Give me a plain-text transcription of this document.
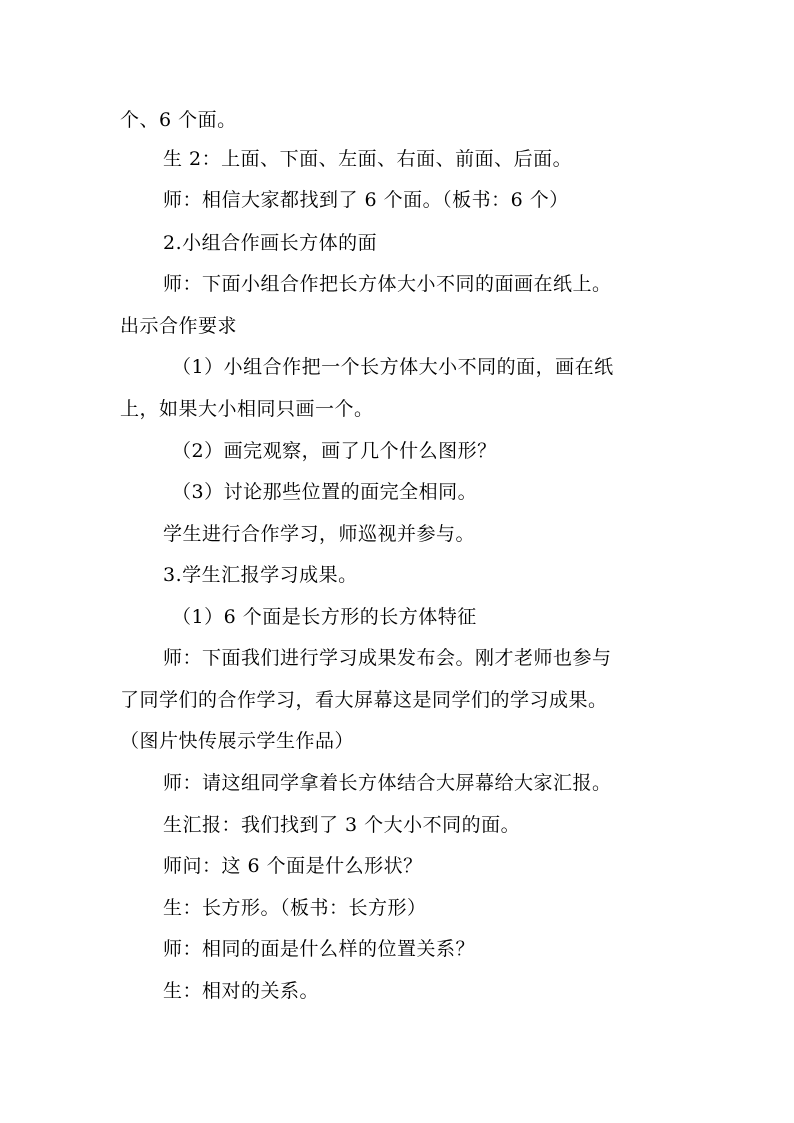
个、6 个面。
生 2：上面、下面、左面、右面、前面、后面。
师：相信大家都找到了 6 个面。（板书：6 个）
2.小组合作画长方体的面
师：下面小组合作把长方体大小不同的面画在纸上。
出示合作要求
（1）小组合作把一个长方体大小不同的面，画在纸
上，如果大小相同只画一个。
（2）画完观察，画了几个什么图形？
（3）讨论那些位置的面完全相同。
学生进行合作学习，师巡视并参与。
3.学生汇报学习成果。
（1）6 个面是长方形的长方体特征
师：下面我们进行学习成果发布会。刚才老师也参与
了同学们的合作学习，看大屏幕这是同学们的学习成果。
（图片快传展示学生作品）
师：请这组同学拿着长方体结合大屏幕给大家汇报。
生汇报：我们找到了 3 个大小不同的面。
师问：这 6 个面是什么形状？
生：长方形。（板书：长方形）
师：相同的面是什么样的位置关系？
生：相对的关系。
